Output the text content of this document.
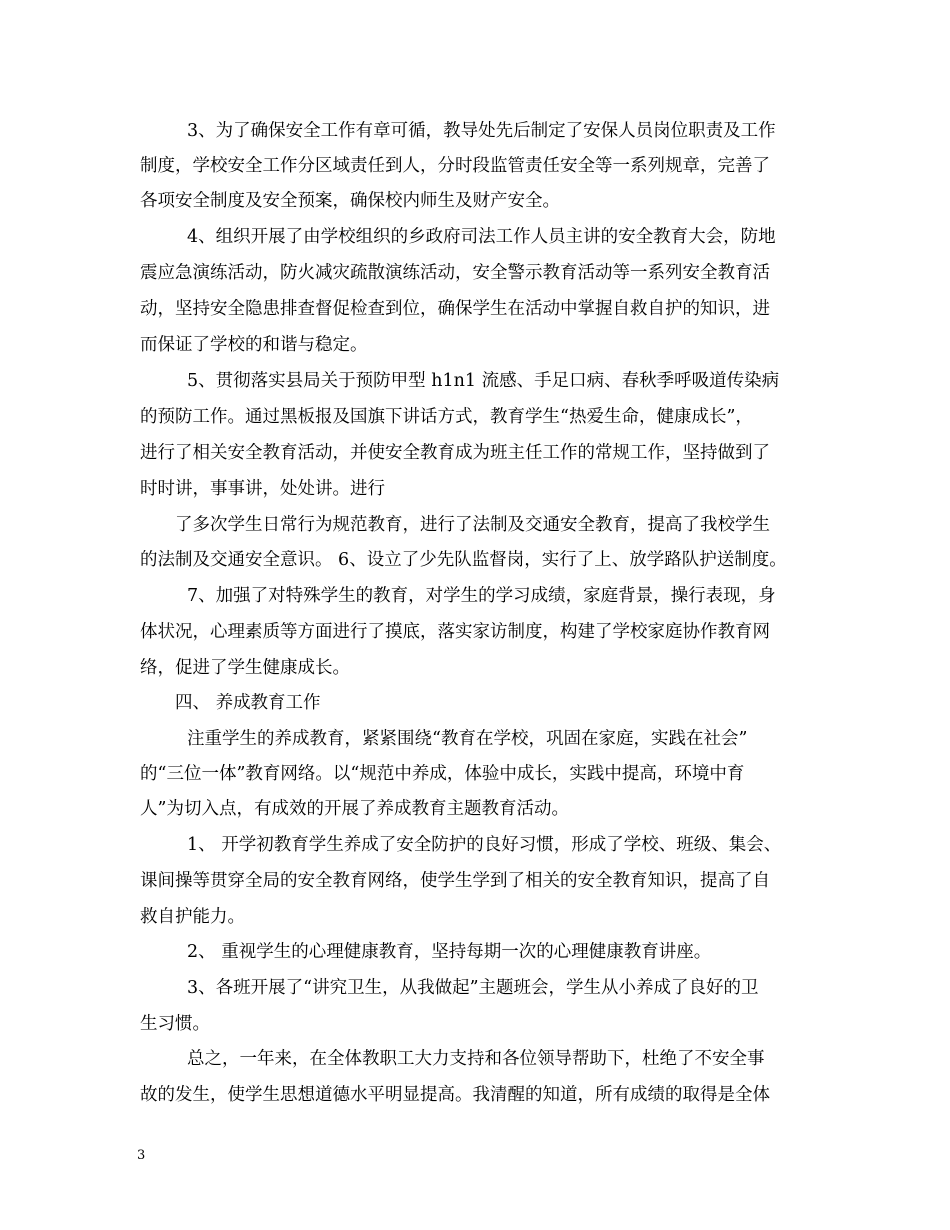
3、为了确保安全工作有章可循，教导处先后制定了安保人员岗位职责及工作
制度，学校安全工作分区域责任到人，分时段监管责任安全等一系列规章，完善了
各项安全制度及安全预案，确保校内师生及财产安全。
4、组织开展了由学校组织的乡政府司法工作人员主讲的安全教育大会，防地
震应急演练活动，防火减灾疏散演练活动，安全警示教育活动等一系列安全教育活
动，坚持安全隐患排查督促检查到位，确保学生在活动中掌握自救自护的知识，进
而保证了学校的和谐与稳定。
5、贯彻落实县局关于预防甲型 h1n1 流感、手足口病、春秋季呼吸道传染病
的预防工作。通过黑板报及国旗下讲话方式，教育学生“热爱生命，健康成长”，
进行了相关安全教育活动，并使安全教育成为班主任工作的常规工作，坚持做到了
时时讲，事事讲，处处讲。进行
了多次学生日常行为规范教育，进行了法制及交通安全教育，提高了我校学生
的法制及交通安全意识。 6、设立了少先队监督岗，实行了上、放学路队护送制度。
7、加强了对特殊学生的教育，对学生的学习成绩，家庭背景，操行表现，身
体状况，心理素质等方面进行了摸底，落实家访制度，构建了学校家庭协作教育网
络，促进了学生健康成长。
四、 养成教育工作
注重学生的养成教育，紧紧围绕“教育在学校，巩固在家庭，实践在社会”
的“三位一体”教育网络。以“规范中养成，体验中成长，实践中提高，环境中育
人”为切入点，有成效的开展了养成教育主题教育活动。
1、 开学初教育学生养成了安全防护的良好习惯，形成了学校、班级、集会、
课间操等贯穿全局的安全教育网络，使学生学到了相关的安全教育知识，提高了自
救自护能力。
2、 重视学生的心理健康教育，坚持每期一次的心理健康教育讲座。
3、各班开展了“讲究卫生，从我做起”主题班会，学生从小养成了良好的卫
生习惯。
总之，一年来，在全体教职工大力支持和各位领导帮助下，杜绝了不安全事
故的发生，使学生思想道德水平明显提高。我清醒的知道，所有成绩的取得是全体
3
